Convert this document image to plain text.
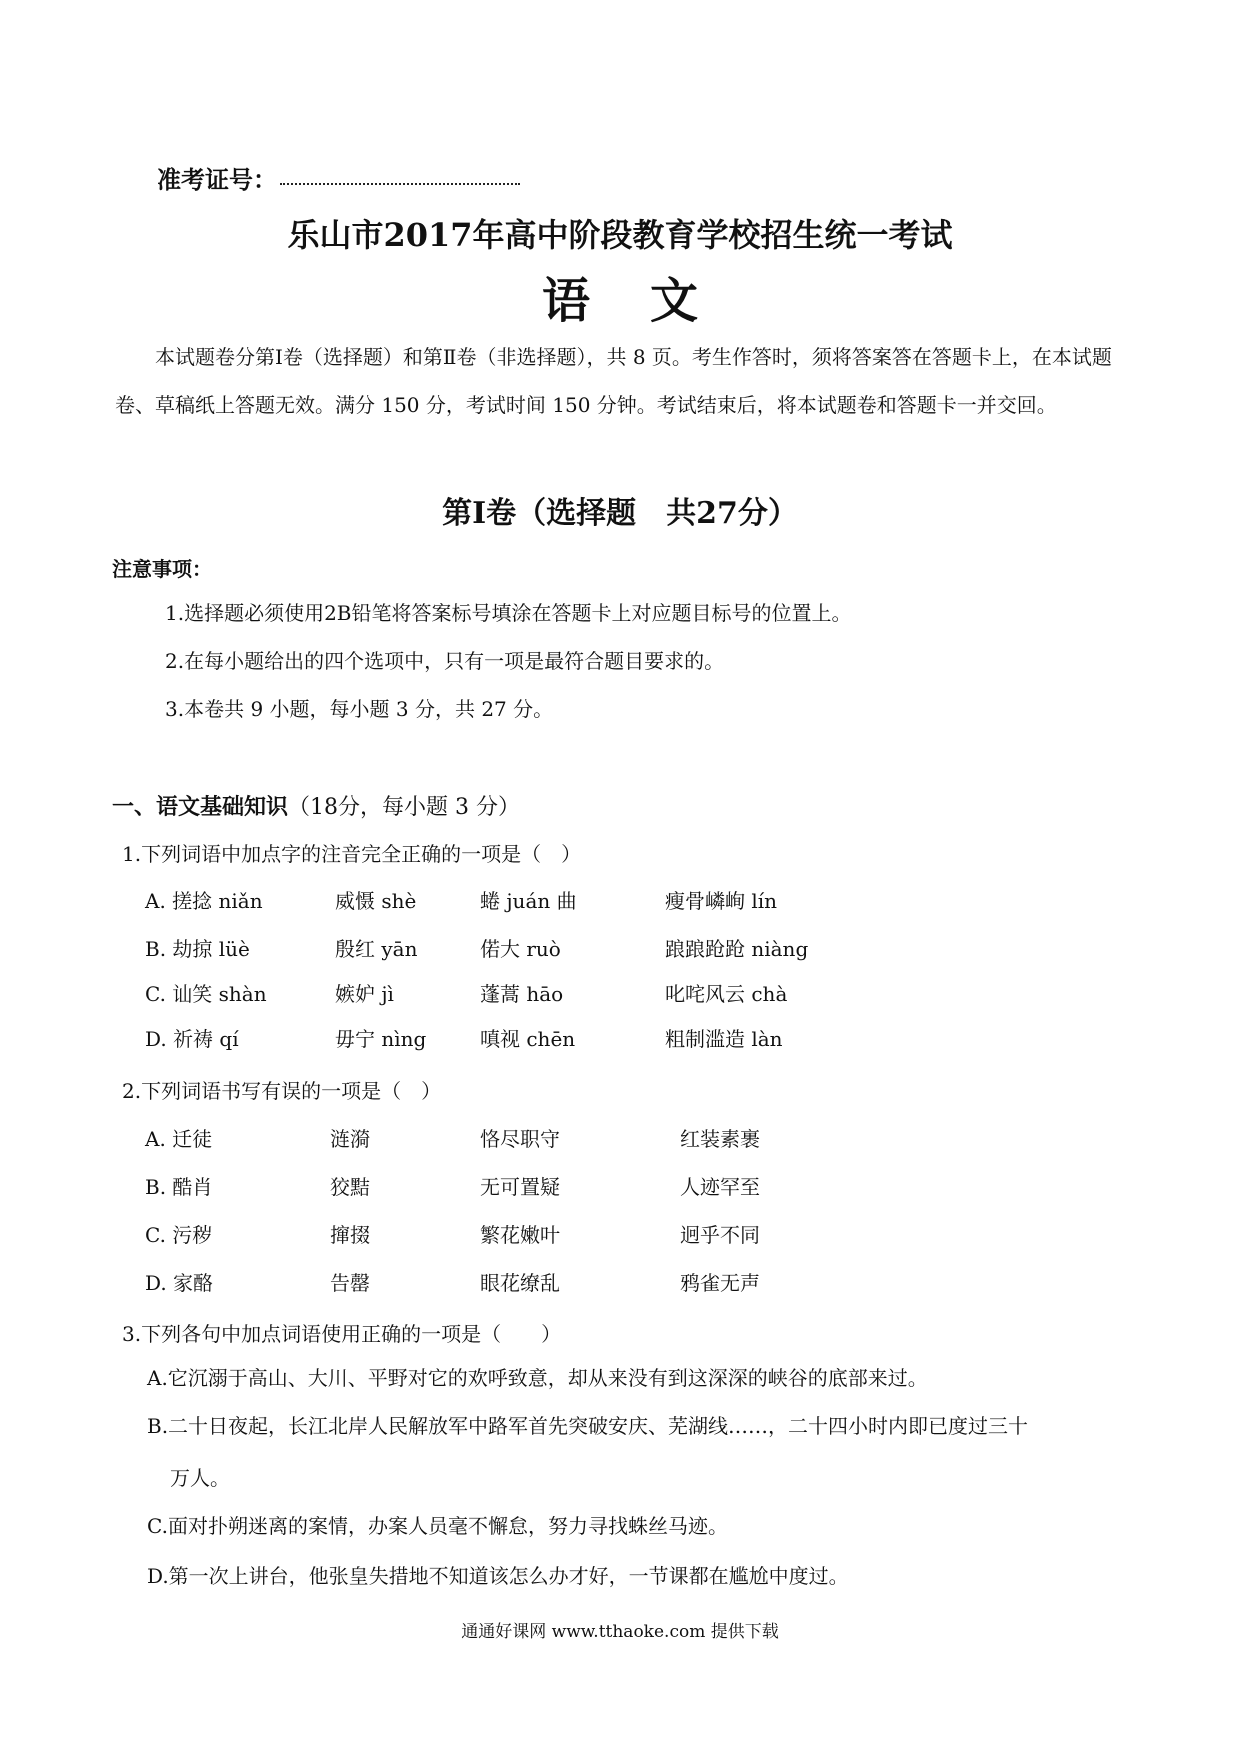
准考证号：
乐山市2017年高中阶段教育学校招生统一考试
语文
本试题卷分第Ⅰ卷（选择题）和第Ⅱ卷（非选择题），共 8 页。考生作答时，须将答案答在答题卡上，在本试题卷、草稿纸上答题无效。满分 150 分，考试时间 150 分钟。考试结束后，将本试题卷和答题卡一并交回。
第Ⅰ卷（选择题　共27分）
注意事项：
1.选择题必须使用2B铅笔将答案标号填涂在答题卡上对应题目标号的位置上。
2.在每小题给出的四个选项中，只有一项是最符合题目要求的。
3.本卷共 9 小题，每小题 3 分，共 27 分。
一、语文基础知识（18分，每小题 3 分）
1.下列词语中加点字的注音完全正确的一项是（　）
A. 搓捻 niǎn	威慑 shè	蜷 juán 曲	瘦骨嶙峋 lín
B. 劫掠 lüè	殷红 yān	偌大 ruò	踉踉跄跄 niàng
C. 讪笑 shàn	嫉妒 jì	蓬蒿 hāo	叱咤风云 chà
D. 祈祷 qí	毋宁 nìng	嗔视 chēn	粗制滥造 làn
2.下列词语书写有误的一项是（　）
A. 迁徒	涟漪	恪尽职守	红装素裹
B. 酷肖	狡黠	无可置疑	人迹罕至
C. 污秽	撺掇	繁花嫩叶	迥乎不同
D. 家酪	告罄	眼花缭乱	鸦雀无声
3.下列各句中加点词语使用正确的一项是（　　）
A.它沉溺于高山、大川、平野对它的欢呼致意，却从来没有到这深深的峡谷的底部来过。
B.二十日夜起，长江北岸人民解放军中路军首先突破安庆、芜湖线……，二十四小时内即已度过三十
万人。
C.面对扑朔迷离的案情，办案人员毫不懈怠，努力寻找蛛丝马迹。
D.第一次上讲台，他张皇失措地不知道该怎么办才好，一节课都在尴尬中度过。
通通好课网 www.tthaoke.com 提供下载
